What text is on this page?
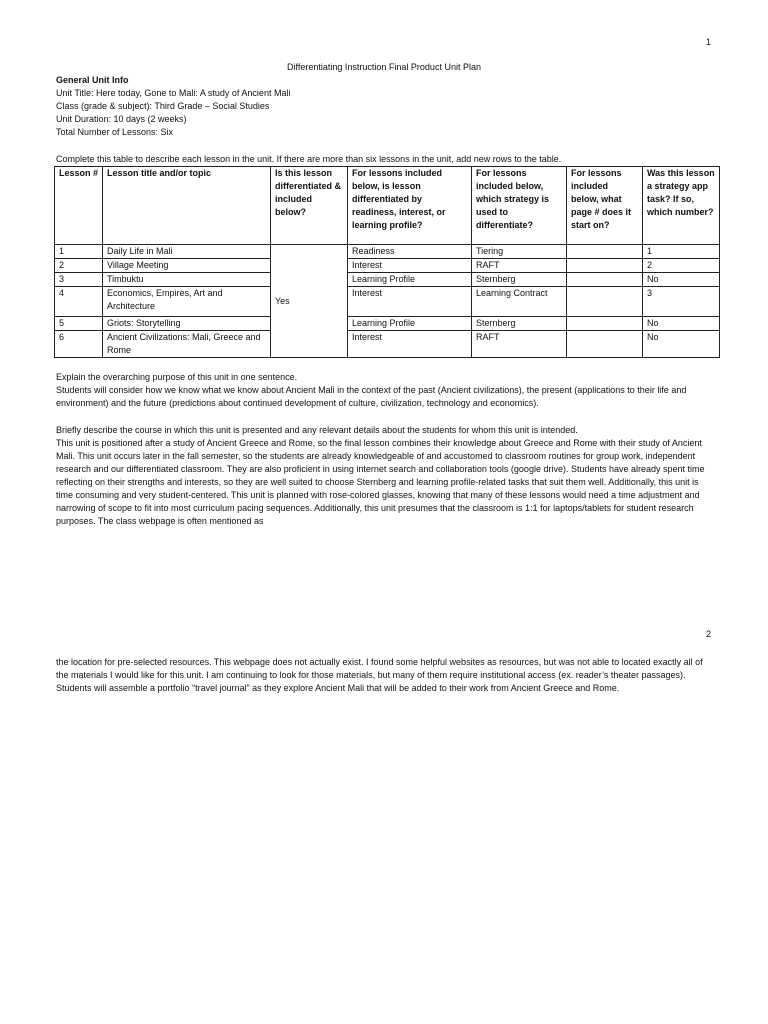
1
Differentiating Instruction Final Product Unit Plan
General Unit Info
Unit Title: Here today, Gone to Mali: A study of Ancient Mali
Class (grade & subject): Third Grade – Social Studies
Unit Duration: 10 days (2 weeks)
Total Number of Lessons: Six
Complete this table to describe each lesson in the unit. If there are more than six lessons in the unit, add new rows to the table.
Lesson #	Lesson title and/or topic	Is this lesson differentiated & included below?	For lessons included below, is lesson differentiated by readiness, interest, or learning profile?	For lessons included below, which strategy is used to differentiate?	For lessons included below, what page # does it start on?	Was this lesson a strategy app task? If so, which number?
1	Daily Life in Mali	Yes	Readiness	Tiering		1
2	Village Meeting		Interest	RAFT		2
3	Timbuktu		Learning Profile	Sternberg		No
4	Economics, Empires, Art and Architecture		Interest	Learning Contract		3
5	Griots: Storytelling		Learning Profile	Sternberg		No
6	Ancient Civilizations: Mali, Greece and Rome		Interest	RAFT		No

Explain the overarching purpose of this unit in one sentence.

Students will consider how we know what we know about Ancient Mali in the context of the past (Ancient civilizations), the present (applications to their life and environment) and the future (predictions about continued development of culture, civilization, technology and economics).

Briefly describe the course in which this unit is presented and any relevant details about the students for whom this unit is intended.

This unit is positioned after a study of Ancient Greece and Rome, so the final lesson combines their knowledge about Greece and Rome with their study of Ancient Mali. This unit occurs later in the fall semester, so the students are already knowledgeable of and accustomed to classroom routines for group work, independent research and our differentiated classroom. They are also proficient in using internet search and collaboration tools (google drive). Students have already spent time reflecting on their strengths and interests, so they are well suited to choose Sternberg and learning profile-related tasks that suit them well. Additionally, this unit is time consuming and very student-centered. This unit is planned with rose-colored glasses, knowing that many of these lessons would need a time adjustment and narrowing of scope to fit into most curriculum pacing sequences. Additionally, this unit presumes that the classroom is 1:1 for laptops/tablets for student research purposes. The class webpage is often mentioned as

2
the location for pre-selected resources. This webpage does not actually exist. I found some helpful websites as resources, but was not able to located exactly all of the materials I would like for this unit. I am continuing to look for those materials, but many of them require institutional access (ex. reader’s theater passages). Students will assemble a portfolio “travel journal” as they explore Ancient Mali that will be added to their work from Ancient Greece and Rome.
